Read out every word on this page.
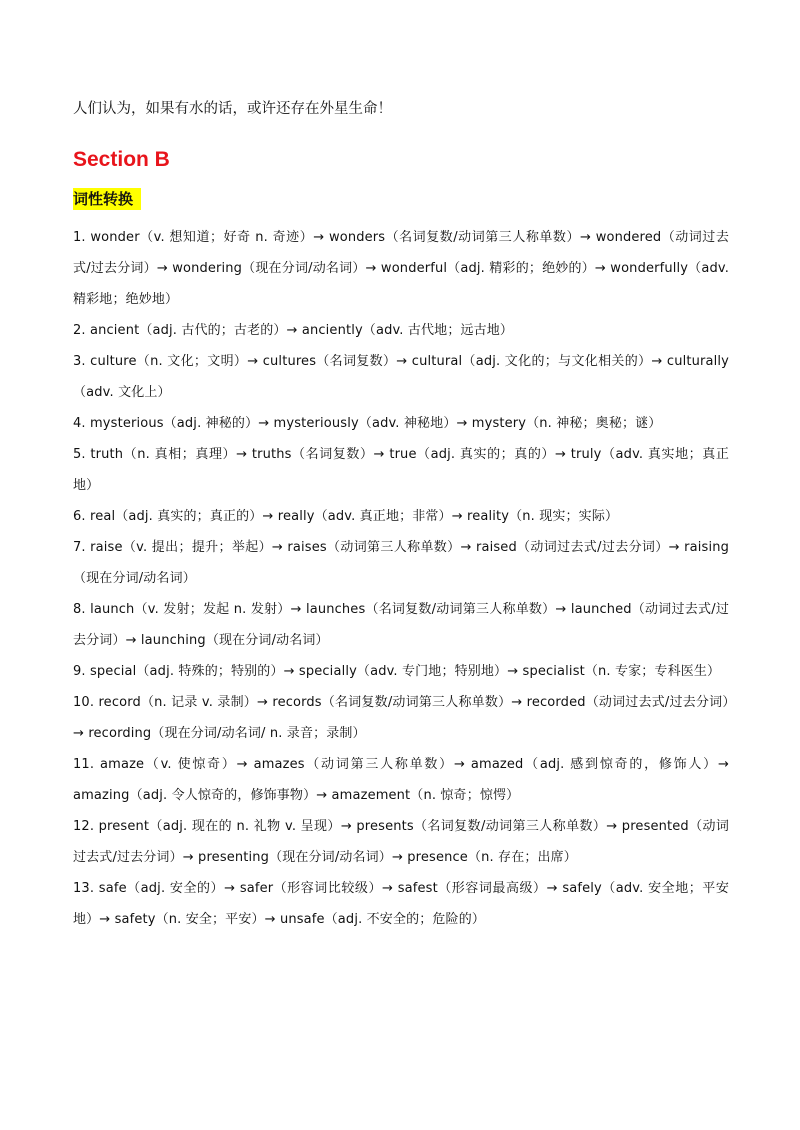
人们认为，如果有水的话，或许还存在外星生命！

Section B
词性转换
1. wonder（v. 想知道；好奇 n. 奇迹）→ wonders（名词复数/动词第三人称单数）→ wondered（动词过去式/过去分词）→ wondering（现在分词/动名词）→ wonderful（adj. 精彩的；绝妙的）→ wonderfully（adv. 精彩地；绝妙地）
2. ancient（adj. 古代的；古老的）→ anciently（adv. 古代地；远古地）
3. culture（n. 文化；文明）→ cultures（名词复数）→ cultural（adj. 文化的；与文化相关的）→ culturally（adv. 文化上）
4. mysterious（adj. 神秘的）→ mysteriously（adv. 神秘地）→ mystery（n. 神秘；奥秘；谜）
5. truth（n. 真相；真理）→ truths（名词复数）→ true（adj. 真实的；真的）→ truly（adv. 真实地；真正地）
6. real（adj. 真实的；真正的）→ really（adv. 真正地；非常）→ reality（n. 现实；实际）
7. raise（v. 提出；提升；举起）→ raises（动词第三人称单数）→ raised（动词过去式/过去分词）→ raising（现在分词/动名词）
8. launch（v. 发射；发起 n. 发射）→ launches（名词复数/动词第三人称单数）→ launched（动词过去式/过去分词）→ launching（现在分词/动名词）
9. special（adj. 特殊的；特别的）→ specially（adv. 专门地；特别地）→ specialist（n. 专家；专科医生）
10. record（n. 记录 v. 录制）→ records（名词复数/动词第三人称单数）→ recorded（动词过去式/过去分词）→ recording（现在分词/动名词/ n. 录音；录制）
11. amaze（v. 使惊奇）→ amazes（动词第三人称单数）→ amazed（adj. 感到惊奇的，修饰人）→ amazing（adj. 令人惊奇的，修饰事物）→ amazement（n. 惊奇；惊愕）
12. present（adj. 现在的 n. 礼物 v. 呈现）→ presents（名词复数/动词第三人称单数）→ presented（动词过去式/过去分词）→ presenting（现在分词/动名词）→ presence（n. 存在；出席）
13. safe（adj. 安全的）→ safer（形容词比较级）→ safest（形容词最高级）→ safely（adv. 安全地；平安地）→ safety（n. 安全；平安）→ unsafe（adj. 不安全的；危险的）
